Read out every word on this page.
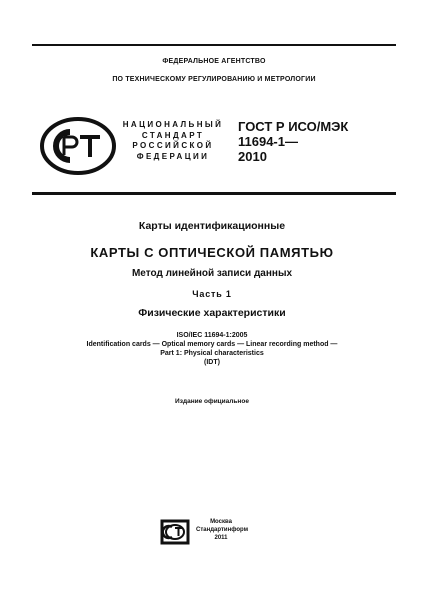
ФЕДЕРАЛЬНОЕ АГЕНТСТВО
ПО ТЕХНИЧЕСКОМУ РЕГУЛИРОВАНИЮ И МЕТРОЛОГИИ
НАЦИОНАЛЬНЫЙ
СТАНДАРТ
РОССИЙСКОЙ
ФЕДЕРАЦИИ
ГОСТ Р ИСО/МЭК
11694-1—
2010
Карты идентификационные
КАРТЫ С ОПТИЧЕСКОЙ ПАМЯТЬЮ
Метод линейной записи данных
Часть 1
Физические характеристики
ISO/IEC 11694-1:2005
Identification cards — Optical memory cards — Linear recording method —
Part 1: Physical characteristics
(IDT)
Издание официальное
Москва
Стандартинформ
2011
